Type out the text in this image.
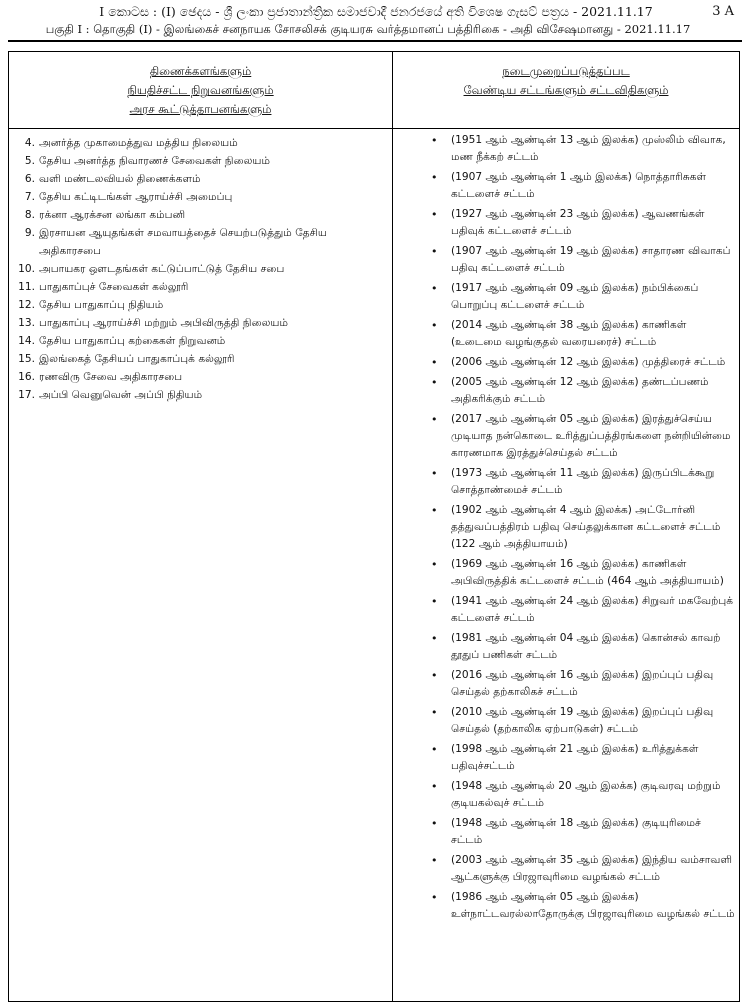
I කොටස : (I) ඡෙදය - ශ්‍රී ලංකා ප්‍රජාතාන්ත්‍රික සමාජවාදී ජනරජයේ අති විශෙෂ ගැසට් පත්‍රය - 2021.11.17	3 A
பகுதி I : தொகுதி (I) - இலங்கைச் சனநாயக சோசலிசக் குடியரசு வர்த்தமானப் பத்திரிகை - அதி விசேஷமானது - 2021.11.17
திணைக்களங்களும்
நியதிச்சட்ட நிறுவனங்களும்
அரச கூட்டுத்தாபனங்களும்
நடைமுறைப்படுத்தப்பட
வேண்டிய சட்டங்களும் சட்டவிதிகளும்
4. அனர்த்த முகாமைத்துவ மத்திய நிலையம்
5. தேசிய அனர்த்த நிவாரணச் சேவைகள் நிலையம்
6. வளி மண்டலவியல் திணைக்களம்
7. தேசிய கட்டிடங்கள் ஆராய்ச்சி அமைப்பு
8. ரக்னா ஆரக்சன லங்கா கம்பனி
9. இரசாயன ஆயுதங்கள் சமவாயத்தைச் செயற்படுத்தும் தேசிய அதிகாரசபை
10. அபாயகர ஔடதங்கள் கட்டுப்பாட்டுத் தேசிய சபை
11. பாதுகாப்புச் சேவைகள் கல்லூரி
12. தேசிய பாதுகாப்பு நிதியம்
13. பாதுகாப்பு ஆராய்ச்சி மற்றும் அபிவிருத்தி நிலையம்
14. தேசிய பாதுகாப்பு கற்கைகள் நிறுவனம்
15. இலங்கைத் தேசியப் பாதுகாப்புக் கல்லூரி
16. ரணவிரு சேவை அதிகாரசபை
17. அப்பி வெனுவென் அப்பி நிதியம்
•	(1951 ஆம் ஆண்டின் 13 ஆம் இலக்க) முஸ்லிம் விவாக, மண நீக்கற் சட்டம்
•	(1907 ஆம் ஆண்டின் 1 ஆம் இலக்க) நொத்தாரிசுகள் கட்டளைச் சட்டம்
•	(1927 ஆம் ஆண்டின் 23 ஆம் இலக்க) ஆவணங்கள் பதிவுக் கட்டளைச் சட்டம்
•	(1907 ஆம் ஆண்டின் 19 ஆம் இலக்க) சாதாரண விவாகப் பதிவு கட்டளைச் சட்டம்
•	(1917 ஆம் ஆண்டின் 09 ஆம் இலக்க) நம்பிக்கைப் பொறுப்பு கட்டளைச் சட்டம்
•	(2014 ஆம் ஆண்டின் 38 ஆம் இலக்க) காணிகள் (உடைமை வழங்குதல் வரையரைச்) சட்டம்
•	(2006 ஆம் ஆண்டின் 12 ஆம் இலக்க) முத்திரைச் சட்டம்
•	(2005 ஆம் ஆண்டின் 12 ஆம் இலக்க) தண்டப்பணம் அதிகரிக்கும் சட்டம்
•	(2017 ஆம் ஆண்டின் 05 ஆம் இலக்க) இரத்துச்செய்ய முடியாத நன்கொடை உரித்துப்பத்திரங்களை நன்றியின்மை காரணமாக இரத்துச்செய்தல் சட்டம்
•	(1973 ஆம் ஆண்டின் 11 ஆம் இலக்க) இருப்பிடக்கூறு சொத்தாண்மைச் சட்டம்
•	(1902 ஆம் ஆண்டின் 4 ஆம் இலக்க) அட்டோர்னி தத்துவப்பத்திரம் பதிவு செய்தலுக்கான கட்டளைச் சட்டம் (122 ஆம் அத்தியாயம்)
•	(1969 ஆம் ஆண்டின் 16 ஆம் இலக்க) காணிகள் அபிவிருத்திக் கட்டளைச் சட்டம் (464 ஆம் அத்தியாயம்)
•	(1941 ஆம் ஆண்டின் 24 ஆம் இலக்க) சிறுவர் மகவேற்புக் கட்டளைச் சட்டம்
•	(1981 ஆம் ஆண்டின் 04 ஆம் இலக்க) கொன்சல் காவற் தூதுப் பணிகள் சட்டம்
•	(2016 ஆம் ஆண்டின் 16 ஆம் இலக்க) இறப்புப் பதிவு செய்தல் தற்காலிகச் சட்டம்
•	(2010 ஆம் ஆண்டின் 19 ஆம் இலக்க) இறப்புப் பதிவு செய்தல் (தற்காலிக ஏற்பாடுகள்) சட்டம்
•	(1998 ஆம் ஆண்டின் 21 ஆம் இலக்க) உரித்துக்கள் பதிவுச்சட்டம்
•	(1948 ஆம் ஆண்டில் 20 ஆம் இலக்க) குடிவரவு மற்றும் குடியகல்வுச் சட்டம்
•	(1948 ஆம் ஆண்டின் 18 ஆம் இலக்க) குடியுரிமைச் சட்டம்
•	(2003 ஆம் ஆண்டின் 35 ஆம் இலக்க) இந்திய வம்சாவளி ஆட்களுக்கு பிரஜாவுரிமை வழங்கல் சட்டம்
•	(1986 ஆம் ஆண்டின் 05 ஆம் இலக்க) உள்நாட்டவரல்லாதோருக்கு பிரஜாவுரிமை வழங்கல் சட்டம்
